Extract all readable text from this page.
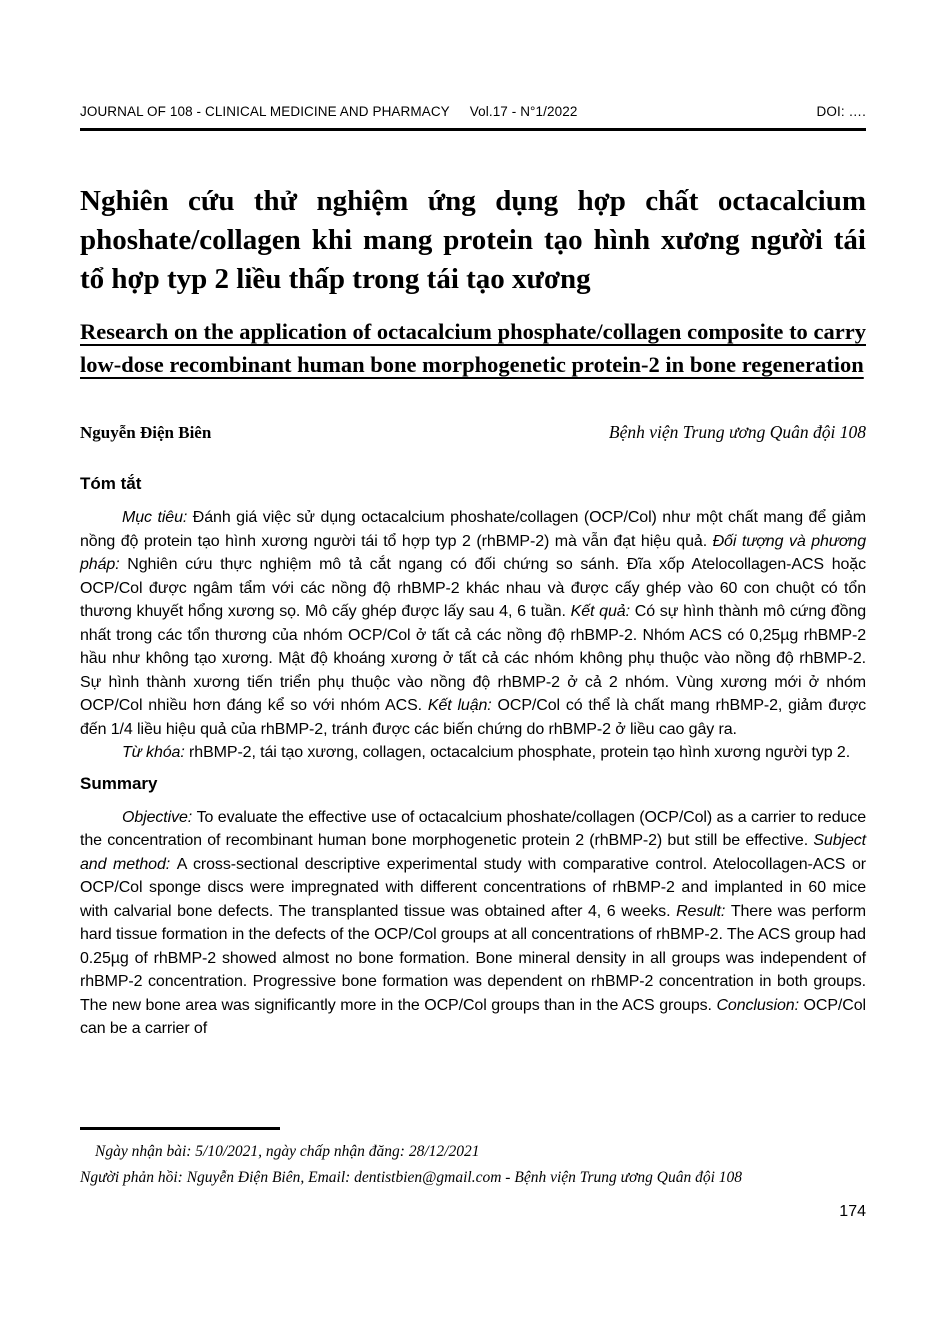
JOURNAL OF 108 - CLINICAL MEDICINE AND PHARMACY Vol.17 - N°1/2022	DOI: ….
Nghiên cứu thử nghiệm ứng dụng hợp chất octacalcium phoshate/collagen khi mang protein tạo hình xương người tái tổ hợp typ 2 liều thấp trong tái tạo xương
Research on the application of octacalcium phosphate/collagen composite to carry low-dose recombinant human bone morphogenetic protein-2 in bone regeneration
Nguyễn Điện Biên	Bệnh viện Trung ương Quân đội 108
Tóm tắt

Mục tiêu: Đánh giá việc sử dụng octacalcium phoshate/collagen (OCP/Col) như một chất mang để giảm nồng độ protein tạo hình xương người tái tổ hợp typ 2 (rhBMP-2) mà vẫn đạt hiệu quả. Đối tượng và phương pháp: Nghiên cứu thực nghiệm mô tả cắt ngang có đối chứng so sánh. Đĩa xốp Atelocollagen-ACS hoặc OCP/Col được ngâm tẩm với các nồng độ rhBMP-2 khác nhau và được cấy ghép vào 60 con chuột có tổn thương khuyết hổng xương sọ. Mô cấy ghép được lấy sau 4, 6 tuần. Kết quả: Có sự hình thành mô cứng đồng nhất trong các tổn thương của nhóm OCP/Col ở tất cả các nồng độ rhBMP-2. Nhóm ACS có 0,25µg rhBMP-2 hầu như không tạo xương. Mật độ khoáng xương ở tất cả các nhóm không phụ thuộc vào nồng độ rhBMP-2. Sự hình thành xương tiến triển phụ thuộc vào nồng độ rhBMP-2 ở cả 2 nhóm. Vùng xương mới ở nhóm OCP/Col nhiều hơn đáng kể so với nhóm ACS. Kết luận: OCP/Col có thể là chất mang rhBMP-2, giảm được đến 1/4 liều hiệu quả của rhBMP-2, tránh được các biến chứng do rhBMP-2 ở liều cao gây ra.

Từ khóa: rhBMP-2, tái tạo xương, collagen, octacalcium phosphate, protein tạo hình xương người typ 2.

Summary

Objective: To evaluate the effective use of octacalcium phoshate/collagen (OCP/Col) as a carrier to reduce the concentration of recombinant human bone morphogenetic protein 2 (rhBMP-2) but still be effective. Subject and method: A cross-sectional descriptive experimental study with comparative control. Atelocollagen-ACS or OCP/Col sponge discs were impregnated with different concentrations of rhBMP-2 and implanted in 60 mice with calvarial bone defects. The transplanted tissue was obtained after 4, 6 weeks. Result: There was perform hard tissue formation in the defects of the OCP/Col groups at all concentrations of rhBMP-2. The ACS group had 0.25µg of rhBMP-2 showed almost no bone formation. Bone mineral density in all groups was independent of rhBMP-2 concentration. Progressive bone formation was dependent on rhBMP-2 concentration in both groups. The new bone area was significantly more in the OCP/Col groups than in the ACS groups. Conclusion: OCP/Col can be a carrier of

Ngày nhận bài: 5/10/2021, ngày chấp nhận đăng: 28/12/2021
Người phản hồi: Nguyễn Điện Biên, Email: dentistbien@gmail.com - Bệnh viện Trung ương Quân đội 108
174
